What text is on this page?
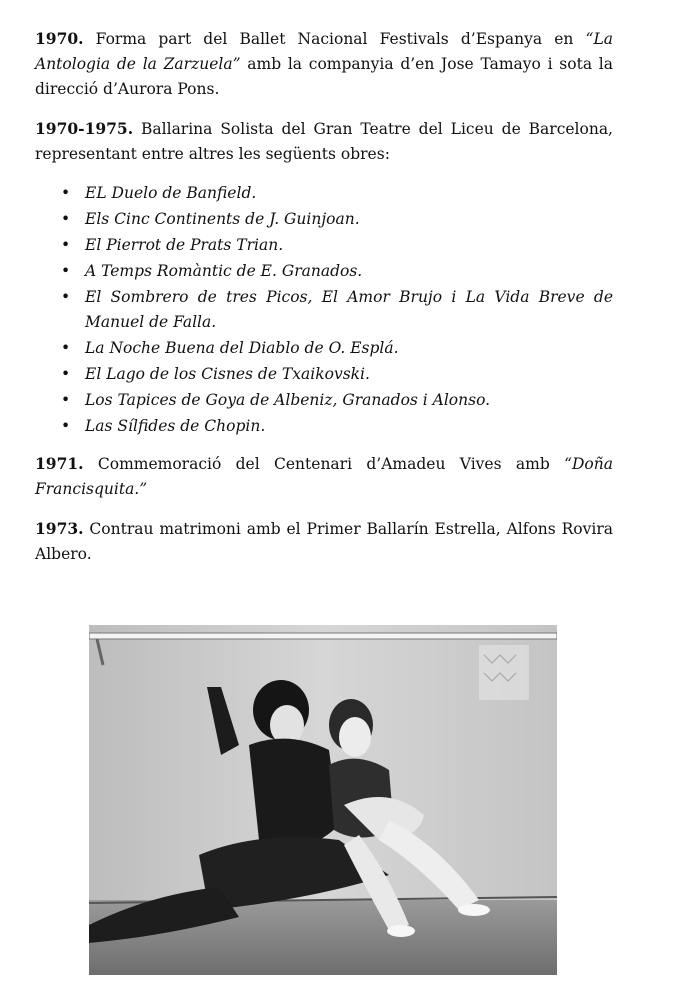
1970. Forma part del Ballet Nacional Festivals d’Espanya en “La Antologia de la Zarzuela” amb la companyia d’en Jose Tamayo i sota la direcció d’Aurora Pons.

1970-1975. Ballarina Solista del Gran Teatre del Liceu de Barcelona, representant entre altres les següents obres:

• EL Duelo de Banfield.
• Els Cinc Continents de J. Guinjoan.
• El Pierrot de Prats Trian.
• A Temps Romàntic de E. Granados.
• El Sombrero de tres Picos, El Amor Brujo i La Vida Breve de Manuel de Falla.
• La Noche Buena del Diablo de O. Esplá.
• El Lago de los Cisnes de Txaikovski.
• Los Tapices de Goya de Albeniz, Granados i Alonso.
• Las Sílfides de Chopin.

1971. Commemoració del Centenari d’Amadeu Vives amb “Doña Francisquita.”

1973. Contrau matrimoni amb el Primer Ballarín Estrella, Alfons Rovira Albero.
